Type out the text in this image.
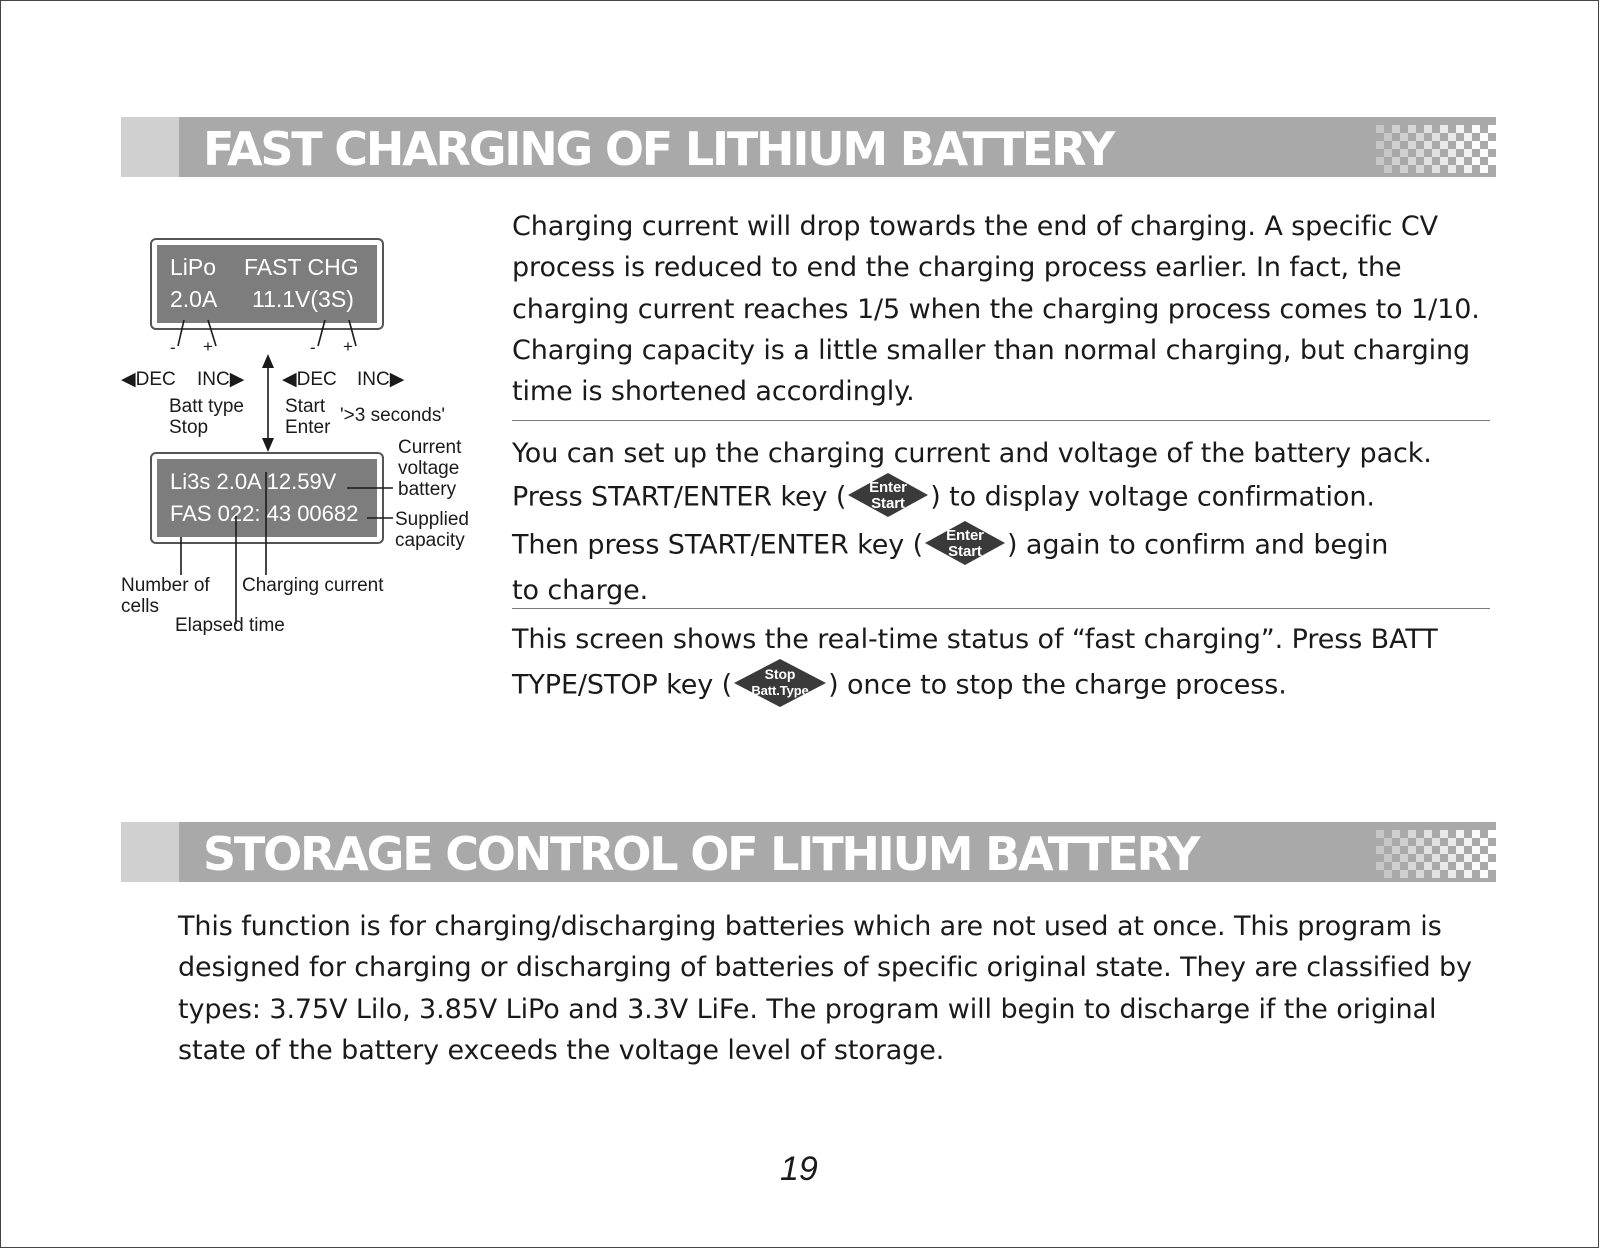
FAST CHARGING OF LITHIUM BATTERY
LiPo FAST CHG
2.0A 11.1V(3S)
Li3s 2.0A 12.59V
FAS 022: 43 00682
- +	- +
◀DEC INC▶ ◀DEC INC▶
Batt type
Stop
Start
Enter
'>3 seconds'
Current
voltage
battery
Supplied
capacity
Number of
cells
Charging current
Elapsed time

Charging current will drop towards the end of charging. A specific CV process is reduced to end the charging process earlier. In fact, the charging current reaches 1/5 when the charging process comes to 1/10. Charging capacity is a little smaller than normal charging, but charging time is shortened accordingly.

You can set up the charging current and voltage of the battery pack.
Press START/ENTER key ( Enter
Start ) to display voltage confirmation.
Then press START/ENTER key ( Enter
Start ) again to confirm and begin
to charge.
This screen shows the real-time status of “fast charging”. Press BATT
TYPE/STOP key ( Stop
Batt.Type ) once to stop the charge process.
STORAGE CONTROL OF LITHIUM BATTERY

This function is for charging/discharging batteries which are not used at once. This program is designed for charging or discharging of batteries of specific original state. They are classified by types: 3.75V Lilo, 3.85V LiPo and 3.3V LiFe. The program will begin to discharge if the original state of the battery exceeds the voltage level of storage.

19
